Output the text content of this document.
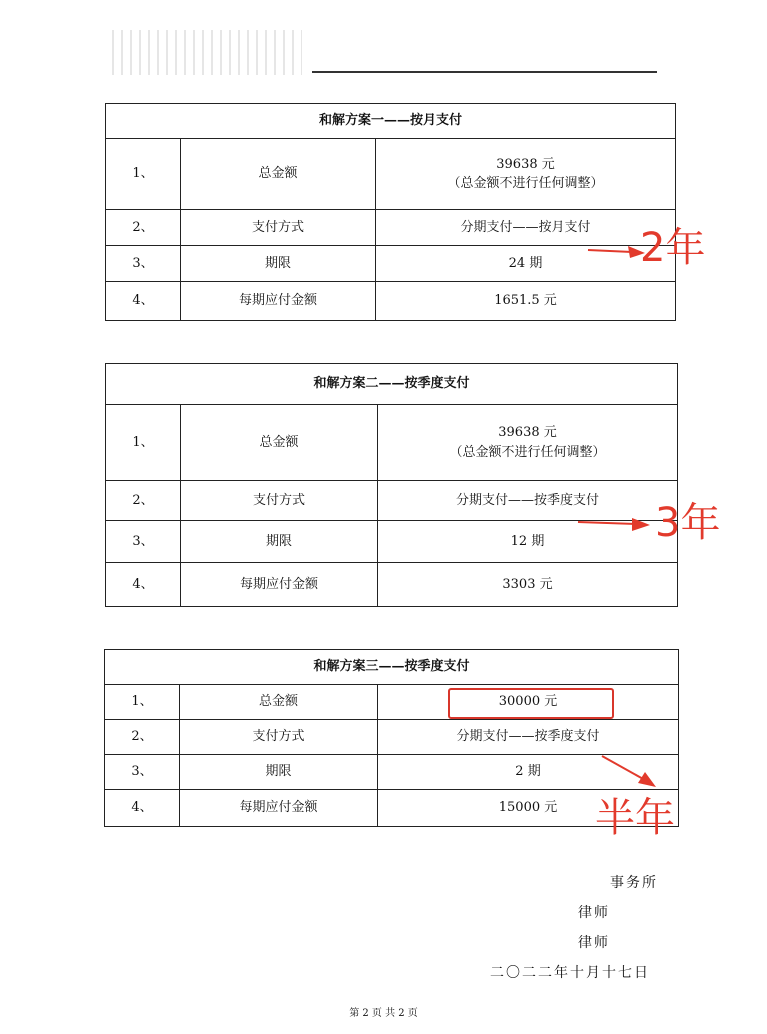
和解方案一——按月支付		
1、	总金额	39638 元
（总金额不进行任何调整）

2、	支付方式	分期支付——按月支付
3、	期限	24 期
4、	每期应付金额	1651.5 元
和解方案二——按季度支付		
1、	总金额	39638 元
（总金额不进行任何调整）

2、	支付方式	分期支付——按季度支付
3、	期限	12 期
4、	每期应付金额	3303 元
和解方案三——按季度支付		
1、	总金额	30000 元
2、	支付方式	分期支付——按季度支付
3、	期限	2 期
4、	每期应付金额	15000 元
2年
3年
半年
事务所
律师
律师
二〇二二年十月十七日
第 2 页 共 2 页
